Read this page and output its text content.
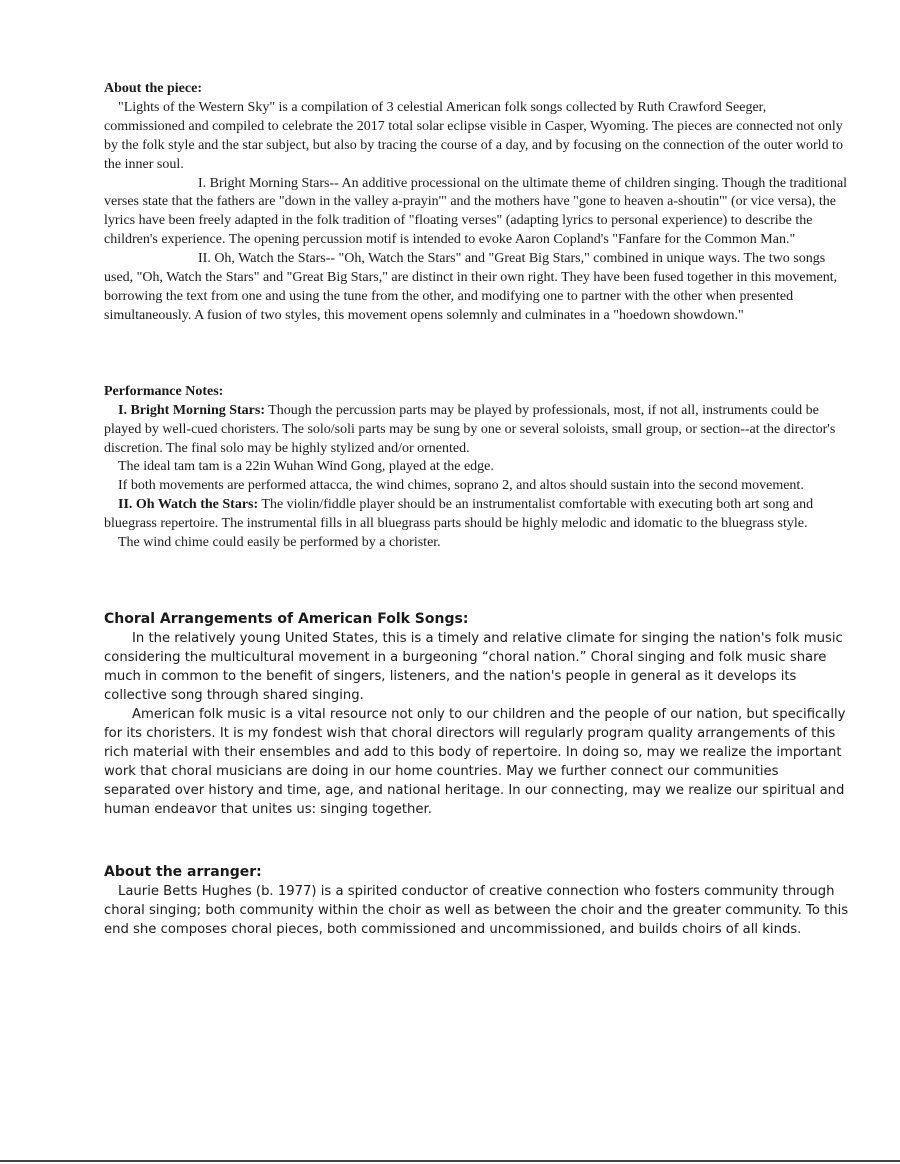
About the piece:

"Lights of the Western Sky" is a compilation of 3 celestial American folk songs collected by Ruth Crawford Seeger, commissioned and compiled to celebrate the 2017 total solar eclipse visible in Casper, Wyoming. The pieces are connected not only by the folk style and the star subject, but also by tracing the course of a day, and by focusing on the connection of the outer world to the inner soul.

I. Bright Morning Stars-- An additive processional on the ultimate theme of children singing. Though the traditional verses state that the fathers are "down in the valley a-prayin'" and the mothers have "gone to heaven a-shoutin'" (or vice versa), the lyrics have been freely adapted in the folk tradition of "floating verses" (adapting lyrics to personal experience) to describe the children's experience. The opening percussion motif is intended to evoke Aaron Copland's "Fanfare for the Common Man."

II. Oh, Watch the Stars-- "Oh, Watch the Stars" and "Great Big Stars," combined in unique ways. The two songs used, "Oh, Watch the Stars" and "Great Big Stars," are distinct in their own right. They have been fused together in this movement, borrowing the text from one and using the tune from the other, and modifying one to partner with the other when presented simultaneously. A fusion of two styles, this movement opens solemnly and culminates in a "hoedown showdown."

Performance Notes:

I. Bright Morning Stars: Though the percussion parts may be played by professionals, most, if not all, instruments could be played by well-cued choristers. The solo/soli parts may be sung by one or several soloists, small group, or section--at the director's discretion. The final solo may be highly stylized and/or ornented.

The ideal tam tam is a 22in Wuhan Wind Gong, played at the edge.

If both movements are performed attacca, the wind chimes, soprano 2, and altos should sustain into the second movement.

II. Oh Watch the Stars: The violin/fiddle player should be an instrumentalist comfortable with executing both art song and bluegrass repertoire. The instrumental fills in all bluegrass parts should be highly melodic and idomatic to the bluegrass style.

The wind chime could easily be performed by a chorister.

Choral Arrangements of American Folk Songs:

In the relatively young United States, this is a timely and relative climate for singing the nation's folk music considering the multicultural movement in a burgeoning “choral nation.” Choral singing and folk music share much in common to the benefit of singers, listeners, and the nation's people in general as it develops its collective song through shared singing.

American folk music is a vital resource not only to our children and the people of our nation, but specifically for its choristers. It is my fondest wish that choral directors will regularly program quality arrangements of this rich material with their ensembles and add to this body of repertoire. In doing so, may we realize the important work that choral musicians are doing in our home countries. May we further connect our communities separated over history and time, age, and national heritage. In our connecting, may we realize our spiritual and human endeavor that unites us: singing together.

About the arranger:

Laurie Betts Hughes (b. 1977) is a spirited conductor of creative connection who fosters community through choral singing; both community within the choir as well as between the choir and the greater community. To this end she composes choral pieces, both commissioned and uncommissioned, and builds choirs of all kinds.
